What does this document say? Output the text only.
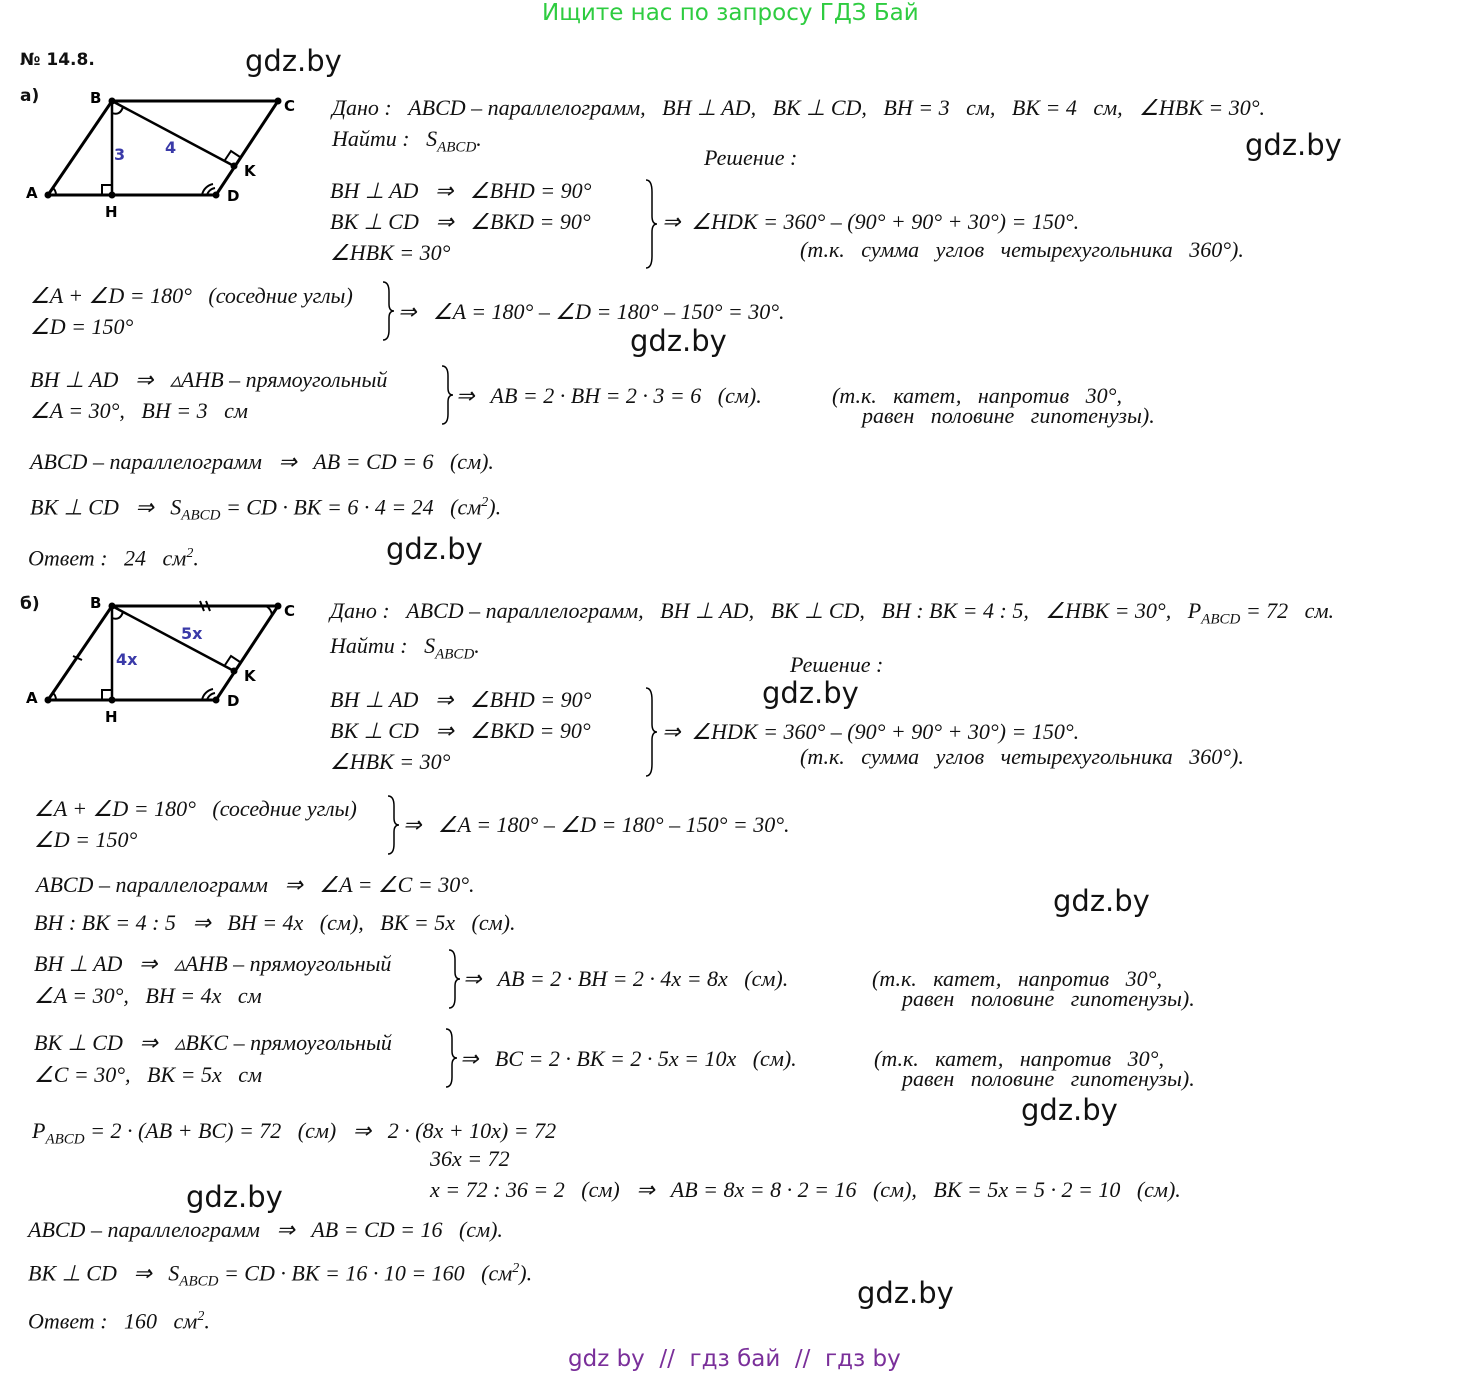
Ищите нас по запросу ГДЗ Бай
№ 14.8.	gdz.by
gdz.by
gdz.by
gdz.by
gdz.by
gdz.by
gdz.by
gdz.by
gdz.by
а)
A
B	C
D
H
K
3 4
Дано :   ABCD – параллелограмм,   BH ⊥ AD,   BK ⊥ CD,   BH = 3   см,   BK = 4   см,   ∠HBK = 30°.
Найти :   $S_{ABCD}$.
Решение :
BH ⊥ AD   ⇒   ∠BHD = 90°
BK ⊥ CD   ⇒   ∠BKD = 90°
∠HBK = 30°
⇒  ∠HDK = 360° – (90° + 90° + 30°) = 150°.
(т.к.   сумма   углов   четырехугольника   360°).
∠A + ∠D = 180°   (соседние углы)
∠D = 150°
⇒   ∠A = 180° – ∠D = 180° – 150° = 30°.
BH ⊥ AD   ⇒   ▵AHB – прямоугольный
∠A = 30°,   BH = 3   см
⇒   AB = 2 · BH = 2 · 3 = 6   (см).	(т.к.   катет,   напротив   30°,
равен   половине   гипотенузы).
ABCD – параллелограмм   ⇒   AB = CD = 6   (см).
BK ⊥ CD   ⇒   $S_{ABCD}$ = CD · BK = 6 · 4 = 24   $(см^2)$.
Ответ :   24   $см^2$.
б)
A
B	C
D
H
K
4x
5x
Дано :   ABCD – параллелограмм,   BH ⊥ AD,   BK ⊥ CD,   BH : BK = 4 : 5,   ∠HBK = 30°,   $P_{ABCD} = 72$   см.
Найти :   $S_{ABCD}$.
Решение :
BH ⊥ AD   ⇒   ∠BHD = 90°
BK ⊥ CD   ⇒   ∠BKD = 90°
∠HBK = 30°
⇒  ∠HDK = 360° – (90° + 90° + 30°) = 150°.
(т.к.   сумма   углов   четырехугольника   360°).
∠A + ∠D = 180°   (соседние углы)
∠D = 150°
⇒   ∠A = 180° – ∠D = 180° – 150° = 30°.
ABCD – параллелограмм   ⇒   ∠A = ∠C = 30°.
BH : BK = 4 : 5   ⇒   BH = 4x   (см),   BK = 5x   (см).
BH ⊥ AD   ⇒   ▵AHB – прямоугольный
∠A = 30°,   BH = 4x   см
⇒   AB = 2 · BH = 2 · 4x = 8x   (см).	(т.к.   катет,   напротив   30°,
равен   половине   гипотенузы).
BK ⊥ CD   ⇒   ▵BKC – прямоугольный
∠C = 30°,   BK = 5x   см
⇒   BC = 2 · BK = 2 · 5x = 10x   (см).	(т.к.   катет,   напротив   30°,
равен   половине   гипотенузы).
$P_{ABCD} = 2 \cdot (AB + BC) = 72$   (см)   ⇒   2 · (8x + 10x) = 72
36x = 72
x = 72 : 36 = 2   (см)   ⇒   AB = 8x = 8 · 2 = 16   (см),   BK = 5x = 5 · 2 = 10   (см).
ABCD – параллелограмм   ⇒   AB = CD = 16   (см).
BK ⊥ CD   ⇒   $S_{ABCD}$ = CD · BK = 16 · 10 = 160   $(см^2)$.
Ответ :   160   $см^2$.
gdz by  //  гдз бай  //  гдз by
